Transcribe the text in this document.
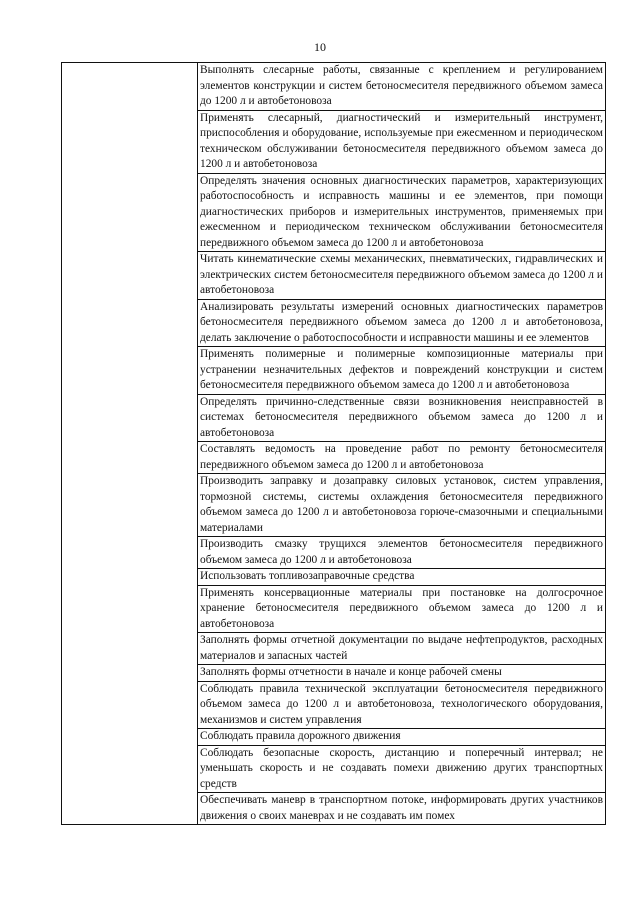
10

Выполнять слесарные работы, связанные с креплением и регулированием элементов конструкции и систем бетоносмесителя передвижного объемом замеса до 1200 л и автобетоновоза

Применять слесарный, диагностический и измерительный инструмент, приспособления и оборудование, используемые при ежесменном и периодическом техническом обслуживании бетоносмесителя передвижного объемом замеса до 1200 л и автобетоновоза

Определять значения основных диагностических параметров, характеризующих работоспособность и исправность машины и ее элементов, при помощи диагностических приборов и измерительных инструментов, применяемых при ежесменном и периодическом техническом обслуживании бетоносмесителя передвижного объемом замеса до 1200 л и автобетоновоза

Читать кинематические схемы механических, пневматических, гидравлических и электрических систем бетоносмесителя передвижного объемом замеса до 1200 л и автобетоновоза

Анализировать результаты измерений основных диагностических параметров бетоносмесителя передвижного объемом замеса до 1200 л и автобетоновоза, делать заключение о работоспособности и исправности машины и ее элементов

Применять полимерные и полимерные композиционные материалы при устранении незначительных дефектов и повреждений конструкции и систем бетоносмесителя передвижного объемом замеса до 1200 л и автобетоновоза

Определять причинно-следственные связи возникновения неисправностей в системах бетоносмесителя передвижного объемом замеса до 1200 л и автобетоновоза

Составлять ведомость на проведение работ по ремонту бетоносмесителя передвижного объемом замеса до 1200 л и автобетоновоза

Производить заправку и дозаправку силовых установок, систем управления, тормозной системы, системы охлаждения бетоносмесителя передвижного объемом замеса до 1200 л и автобетоновоза горюче-смазочными и специальными материалами

Производить смазку трущихся элементов бетоносмесителя передвижного объемом замеса до 1200 л и автобетоновоза

Использовать топливозаправочные средства

Применять консервационные материалы при постановке на долгосрочное хранение бетоносмесителя передвижного объемом замеса до 1200 л и автобетоновоза

Заполнять формы отчетной документации по выдаче нефтепродуктов, расходных материалов и запасных частей

Заполнять формы отчетности в начале и конце рабочей смены

Соблюдать правила технической эксплуатации бетоносмесителя передвижного объемом замеса до 1200 л и автобетоновоза, технологического оборудования, механизмов и систем управления

Соблюдать правила дорожного движения

Соблюдать безопасные скорость, дистанцию и поперечный интервал; не уменьшать скорость и не создавать помехи движению других транспортных средств

Обеспечивать маневр в транспортном потоке, информировать других участников движения о своих маневрах и не создавать им помех
